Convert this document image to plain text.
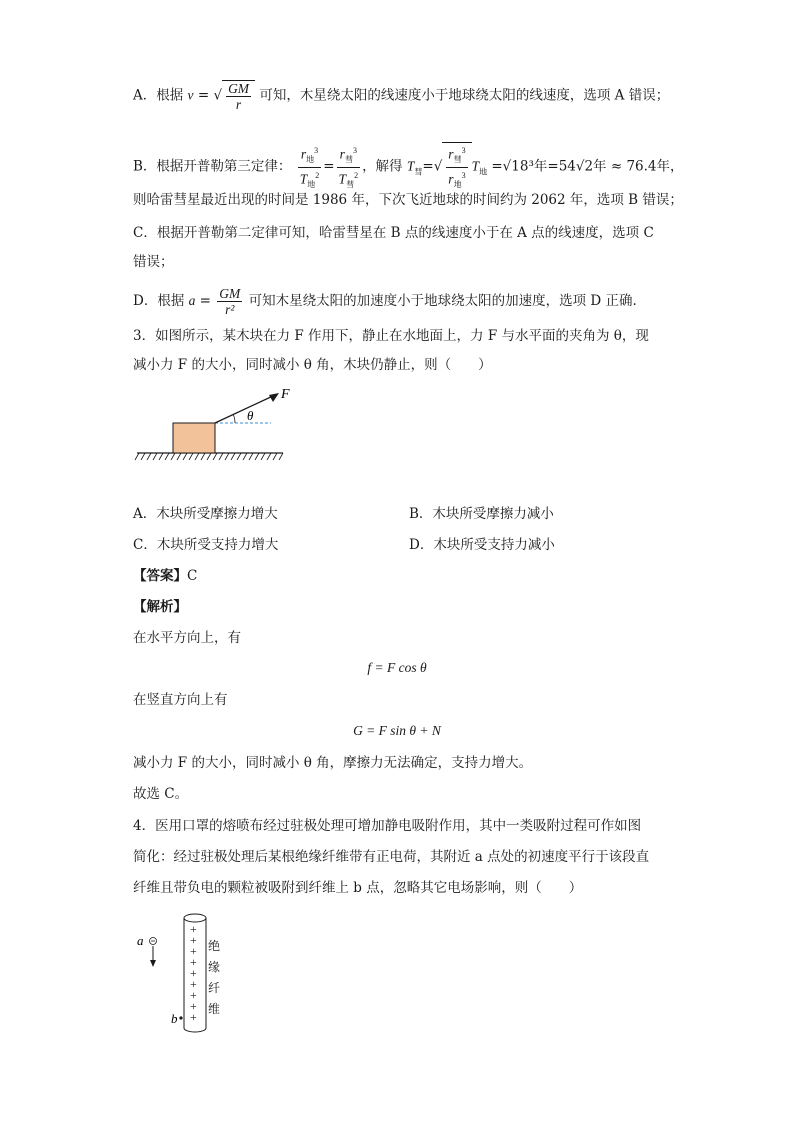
A．根据 v = √ $\frac{GM}{r}$ 可知，木星绕太阳的线速度小于地球绕太阳的线速度，选项 A 错误；
B．根据开普勒第三定律： $\frac{r_地^3}{T_地^2} = \frac{r_彗^3}{T_彗^2}$ ，解得 $T_彗=√ \frac{r_彗^3}{r_地^3} T_地 =√18^3$年=54√2年 ≈ 76.4年，
则哈雷彗星最近出现的时间是 1986 年，下次飞近地球的时间约为 2062 年，选项 B 错误；
C．根据开普勒第二定律可知，哈雷彗星在 B 点的线速度小于在 A 点的线速度，选项 C
错误；
D．根据 $a = \frac{GM}{\text{r²}}$ 可知木星绕太阳的加速度小于地球绕太阳的加速度，选项 D 正确.
3．如图所示，某木块在力 F 作用下，静止在水地面上，力 F 与水平面的夹角为 θ，现
减小力 F 的大小，同时减小 θ 角，木块仍静止，则（　　）
θ
F
A．木块所受摩擦力增大	B．木块所受摩擦力减小
C．木块所受支持力增大	D．木块所受支持力减小
【答案】C
【解析】
在水平方向上，有
f = F cos θ
在竖直方向上有
G = F sin θ + N
减小力 F 的大小，同时减小 θ 角，摩擦力无法确定，支持力增大。
故选 C。
4．医用口罩的熔喷布经过驻极处理可增加静电吸附作用，其中一类吸附过程可作如图
简化：经过驻极处理后某根绝缘纤维带有正电荷，其附近 a 点处的初速度平行于该段直
纤维且带负电的颗粒被吸附到纤维上 b 点，忽略其它电场影响，则（　　）
+
+
+
+
+
+
+
+
+
a
b
绝
缘
纤
维
